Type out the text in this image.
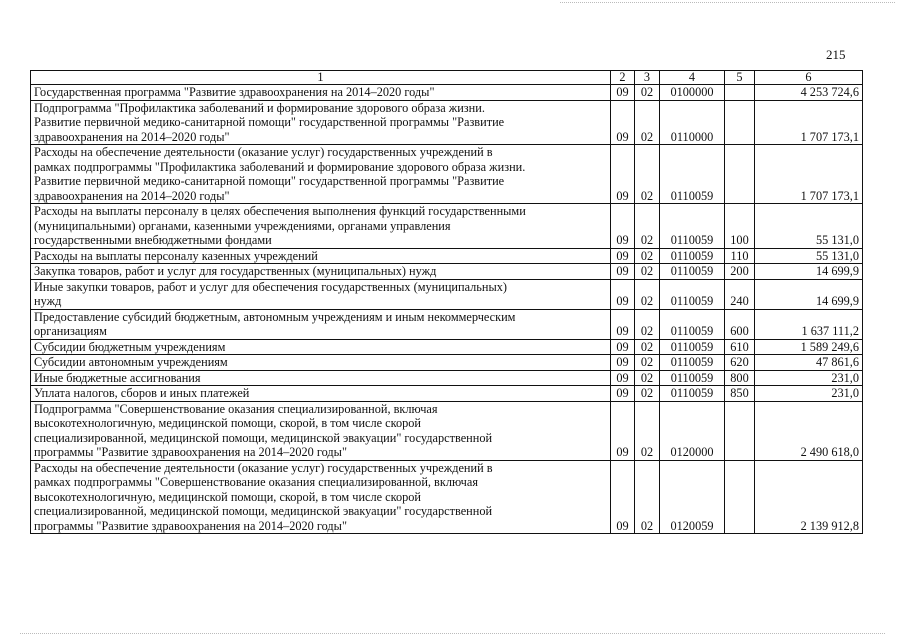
215
1	2	3	4	5	6
Государственная программа "Развитие здравоохранения на 2014–2020 годы"	09	02	0100000		4 253 724,6
Подпрограмма "Профилактика заболеваний и формирование здорового образа жизни.
Развитие первичной медико-санитарной помощи" государственной программы "Развитие
здравоохранения на 2014–2020 годы"	09	02	0110000		1 707 173,1
Расходы на обеспечение деятельности (оказание услуг) государственных учреждений в
рамках подпрограммы "Профилактика заболеваний и формирование здорового образа жизни.
Развитие первичной медико-санитарной помощи" государственной программы "Развитие
здравоохранения на 2014–2020 годы"	09	02	0110059		1 707 173,1
Расходы на выплаты персоналу в целях обеспечения выполнения функций государственными
(муниципальными) органами, казенными учреждениями, органами управления
государственными внебюджетными фондами	09	02	0110059	100	55 131,0
Расходы на выплаты персоналу казенных учреждений	09	02	0110059	110	55 131,0
Закупка товаров, работ и услуг для государственных (муниципальных) нужд	09	02	0110059	200	14 699,9
Иные закупки товаров, работ и услуг для обеспечения государственных (муниципальных)
нужд	09	02	0110059	240	14 699,9
Предоставление субсидий бюджетным, автономным учреждениям и иным некоммерческим
организациям	09	02	0110059	600	1 637 111,2
Субсидии бюджетным учреждениям	09	02	0110059	610	1 589 249,6
Субсидии автономным учреждениям	09	02	0110059	620	47 861,6
Иные бюджетные ассигнования	09	02	0110059	800	231,0
Уплата налогов, сборов и иных платежей	09	02	0110059	850	231,0
Подпрограмма "Совершенствование оказания специализированной, включая
высокотехнологичную, медицинской помощи, скорой, в том числе скорой
специализированной, медицинской помощи, медицинской эвакуации" государственной
программы "Развитие здравоохранения на 2014–2020 годы"	09	02	0120000		2 490 618,0
Расходы на обеспечение деятельности (оказание услуг) государственных учреждений в
рамках подпрограммы "Совершенствование оказания специализированной, включая
высокотехнологичную, медицинской помощи, скорой, в том числе скорой
специализированной, медицинской помощи, медицинской эвакуации" государственной
программы "Развитие здравоохранения на 2014–2020 годы"	09	02	0120059		2 139 912,8
